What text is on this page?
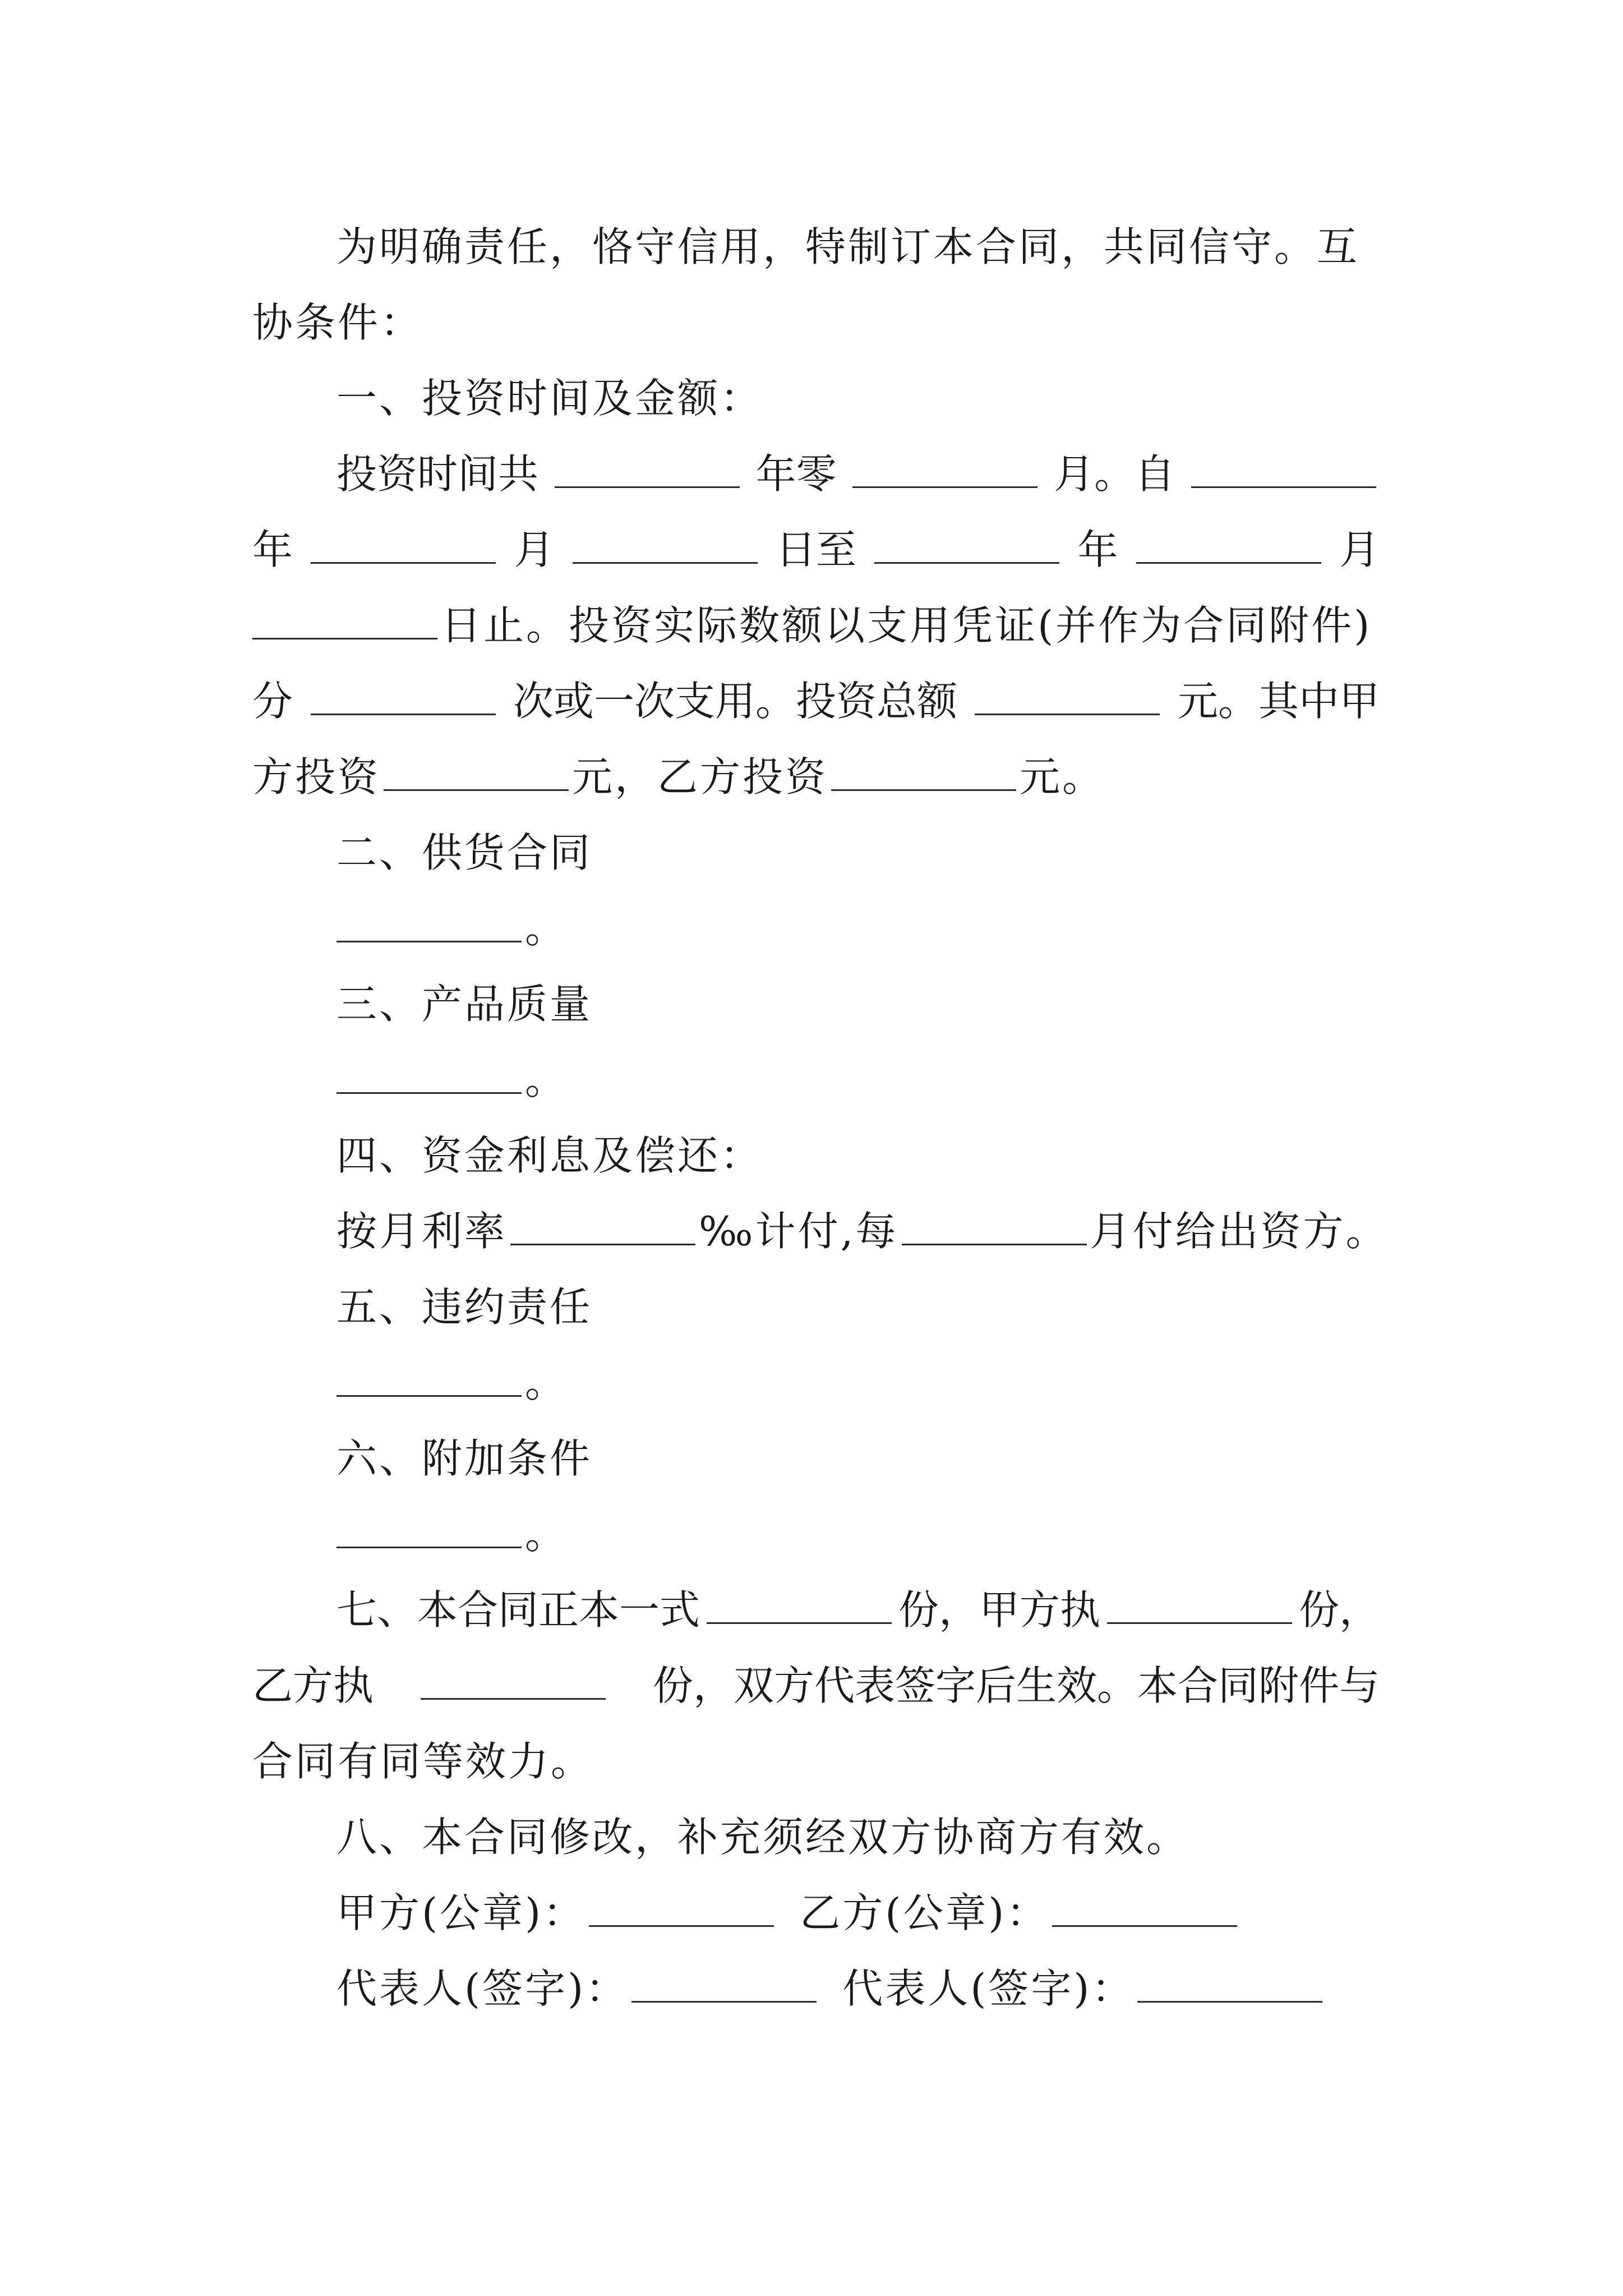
为明确责任，恪守信用，特制订本合同，共同信守。互
协条件：
一、投资时间及金额：
投资时间共	年零	月。自
年	月	日至	年	月
日止。投资实际数额以支用凭证(并作为合同附件)
分	次或一次支用。投资总额	元。其中甲
方投资	元，乙方投资	元。
二、供货合同
。
三、产品质量
。
四、资金利息及偿还：
按月利率	‰计付,每	月付给出资方。
五、违约责任
。
六、附加条件
。
七、本合同正本一式	份，甲方执	份，
乙方执	份，双方代表签字后生效。本合同附件与
合同有同等效力。
八、本合同修改，补充须经双方协商方有效。
甲方(公章)：	乙方(公章)：
代表人(签字)：	代表人(签字)：
